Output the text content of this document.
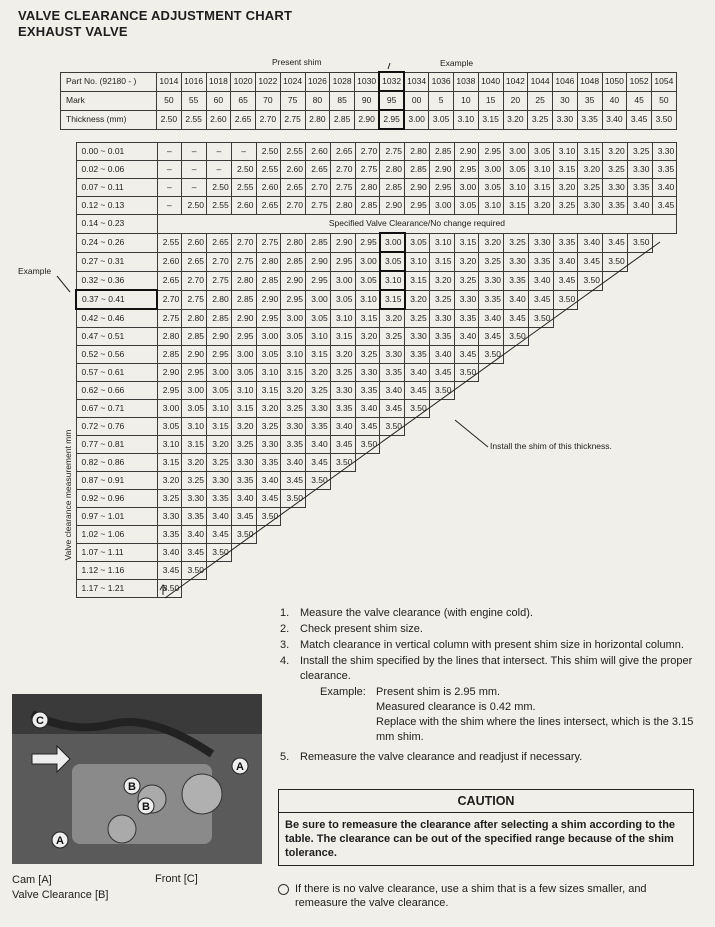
VALVE CLEARANCE ADJUSTMENT CHART
EXHAUST VALVE
Present shim	Example
Example
Part No. (92180 - )	1014	1016	1018	1020	1022	1024	1026	1028	1030	1032	1034	1036	1038	1040	1042	1044	1046	1048	1050	1052	1054
Mark	50	55	60	65	70	75	80	85	90	95	00	5	10	15	20	25	30	35	40	45	50
Thickness (mm)	2.50	2.55	2.60	2.65	2.70	2.75	2.80	2.85	2.90	2.95	3.00	3.05	3.10	3.15	3.20	3.25	3.30	3.35	3.40	3.45	3.50
0.00 ~ 0.01	–	–	–	–	2.50	2.55	2.60	2.65	2.70	2.75	2.80	2.85	2.90	2.95	3.00	3.05	3.10	3.15	3.20	3.25	3.30
0.02 ~ 0.06	–	–	–	2.50	2.55	2.60	2.65	2.70	2.75	2.80	2.85	2.90	2.95	3.00	3.05	3.10	3.15	3.20	3.25	3.30	3.35
0.07 ~ 0.11	–	–	2.50	2.55	2.60	2.65	2.70	2.75	2.80	2.85	2.90	2.95	3.00	3.05	3.10	3.15	3.20	3.25	3.30	3.35	3.40
0.12 ~ 0.13	–	2.50	2.55	2.60	2.65	2.70	2.75	2.80	2.85	2.90	2.95	3.00	3.05	3.10	3.15	3.20	3.25	3.30	3.35	3.40	3.45
0.14 ~ 0.23	Specified Valve Clearance/No change required																				
0.24 ~ 0.26	2.55	2.60	2.65	2.70	2.75	2.80	2.85	2.90	2.95	3.00	3.05	3.10	3.15	3.20	3.25	3.30	3.35	3.40	3.45	3.50	
0.27 ~ 0.31	2.60	2.65	2.70	2.75	2.80	2.85	2.90	2.95	3.00	3.05	3.10	3.15	3.20	3.25	3.30	3.35	3.40	3.45	3.50		
0.32 ~ 0.36	2.65	2.70	2.75	2.80	2.85	2.90	2.95	3.00	3.05	3.10	3.15	3.20	3.25	3.30	3.35	3.40	3.45	3.50			
0.37 ~ 0.41	2.70	2.75	2.80	2.85	2.90	2.95	3.00	3.05	3.10	3.15	3.20	3.25	3.30	3.35	3.40	3.45	3.50				
0.42 ~ 0.46	2.75	2.80	2.85	2.90	2.95	3.00	3.05	3.10	3.15	3.20	3.25	3.30	3.35	3.40	3.45	3.50					
0.47 ~ 0.51	2.80	2.85	2.90	2.95	3.00	3.05	3.10	3.15	3.20	3.25	3.30	3.35	3.40	3.45	3.50						
0.52 ~ 0.56	2.85	2.90	2.95	3.00	3.05	3.10	3.15	3.20	3.25	3.30	3.35	3.40	3.45	3.50							
0.57 ~ 0.61	2.90	2.95	3.00	3.05	3.10	3.15	3.20	3.25	3.30	3.35	3.40	3.45	3.50								
0.62 ~ 0.66	2.95	3.00	3.05	3.10	3.15	3.20	3.25	3.30	3.35	3.40	3.45	3.50									
0.67 ~ 0.71	3.00	3.05	3.10	3.15	3.20	3.25	3.30	3.35	3.40	3.45	3.50										
0.72 ~ 0.76	3.05	3.10	3.15	3.20	3.25	3.30	3.35	3.40	3.45	3.50											
0.77 ~ 0.81	3.10	3.15	3.20	3.25	3.30	3.35	3.40	3.45	3.50												
0.82 ~ 0.86	3.15	3.20	3.25	3.30	3.35	3.40	3.45	3.50													
0.87 ~ 0.91	3.20	3.25	3.30	3.35	3.40	3.45	3.50														
0.92 ~ 0.96	3.25	3.30	3.35	3.40	3.45	3.50															
0.97 ~ 1.01	3.30	3.35	3.40	3.45	3.50																
1.02 ~ 1.06	3.35	3.40	3.45	3.50																	
1.07 ~ 1.11	3.40	3.45	3.50																		
1.12 ~ 1.16	3.45	3.50																			
1.17 ~ 1.21	3.50																				
Valve clearance measurement mm	Install the shim of this thickness.
1. Measure the valve clearance (with engine cold).
2. Check present shim size.
3. Match clearance in vertical column with present shim size in horizontal column.
4. Install the shim specified by the lines that intersect. This shim will give the proper clearance.
Example: Present shim is 2.95 mm.
Measured clearance is 0.42 mm.
Replace with the shim where the lines intersect, which is the 3.15 mm shim.
5. Remeasure the valve clearance and readjust if necessary.
CAUTION
Be sure to remeasure the clearance after selecting a shim according to the table. The clearance can be out of the specified range because of the shim tolerance.
If there is no valve clearance, use a shim that is a few sizes smaller, and remeasure the valve clearance.
A
B
B
A
C
Cam [A]
Valve Clearance [B]
Front [C]
